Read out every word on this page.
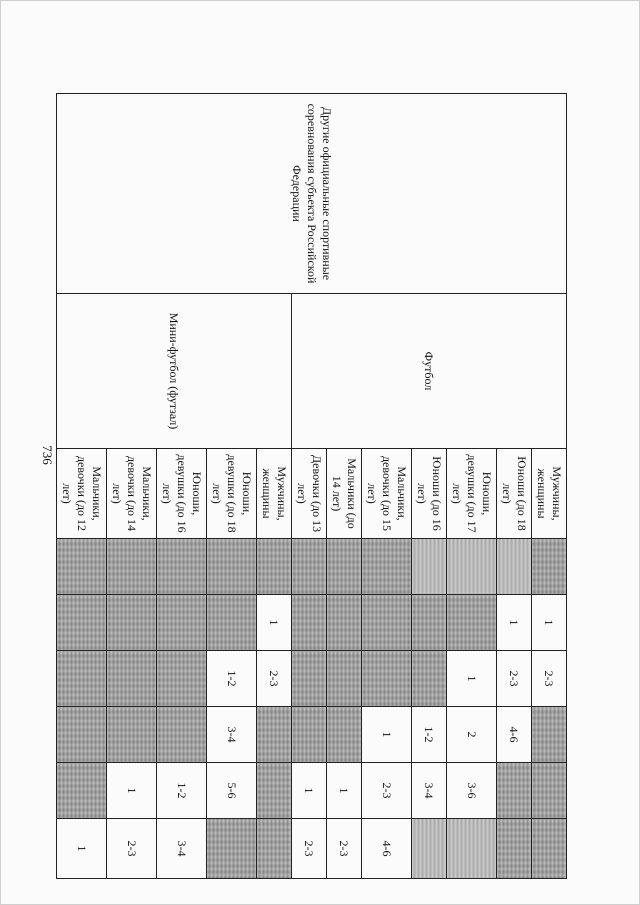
736
Другие официальные спортивные соревнования субъекта Российской Федерации	Футбол	Мужчины, женщины		1	2-3			
		Юноши (до 18 лет)		1	2-3	4-6		
		Юноши, девушки (до 17 лет)			1	2	3-6	
		Юноши (до 16 лет)				1-2	3-4	
		Мальчики, девочки (до 15 лет)				1	2-3	4-6
		Мальчики (до 14 лет)					1	2-3
		Девочки (до 13 лет)					1	2-3
	Мини-футбол (футзал)	Мужчины, женщины		1	2-3			
		Юноши, девушки (до 18 лет)			1-2	3-4	5-6	
		Юноши, девушки (до 16 лет)					1-2	3-4
		Мальчики, девочки (до 14 лет)					1	2-3
		Мальчики, девочки (до 12 лет)						1
